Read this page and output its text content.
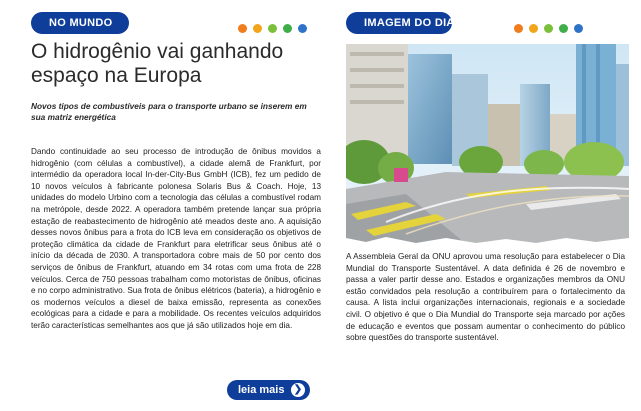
NO MUNDO
O hidrogênio vai ganhando espaço na Europa

Novos tipos de combustíveis para o transporte urbano se inserem em sua matriz energética

Dando continuidade ao seu processo de introdução de ônibus movidos a hidrogênio (com células a combustível), a cidade alemã de Frankfurt, por intermédio da operadora local In-der-City-Bus GmbH (ICB), fez um pedido de 10 novos veículos à fabricante polonesa Solaris Bus & Coach. Hoje, 13 unidades do modelo Urbino com a tecnologia das células a combustível rodam na metrópole, desde 2022. A operadora também pretende lançar sua própria estação de reabastecimento de hidrogênio até meados deste ano. A aquisição desses novos ônibus para a frota do ICB leva em consideração os objetivos de proteção climática da cidade de Frankfurt para eletrificar seus ônibus até o início da década de 2030. A transportadora cobre mais de 50 por cento dos serviços de ônibus de Frankfurt, atuando em 34 rotas com uma frota de 228 veículos. Cerca de 750 pessoas trabalham como motoristas de ônibus, oficinas e no corpo administrativo. Sua frota de ônibus elétricos (bateria), a hidrogênio e os modernos veículos a diesel de baixa emissão, representa as conexões ecológicas para a cidade e para a mobilidade. Os recentes veículos adquiridos terão características semelhantes aos que já são utilizados hoje em dia.

leia mais ❯
IMAGEM DO DIA

A Assembleia Geral da ONU aprovou uma resolução para estabelecer o Dia Mundial do Transporte Sustentável. A data definida é 26 de novembro e passa a valer partir desse ano. Estados e organizações membros da ONU estão convidados pela resolução a contribuírem para o fortalecimento da causa. A lista inclui organizações internacionais, regionais e a sociedade civil. O objetivo é que o Dia Mundial do Transporte seja marcado por ações de educação e eventos que possam aumentar o conhecimento do público sobre questões do transporte sustentável.
